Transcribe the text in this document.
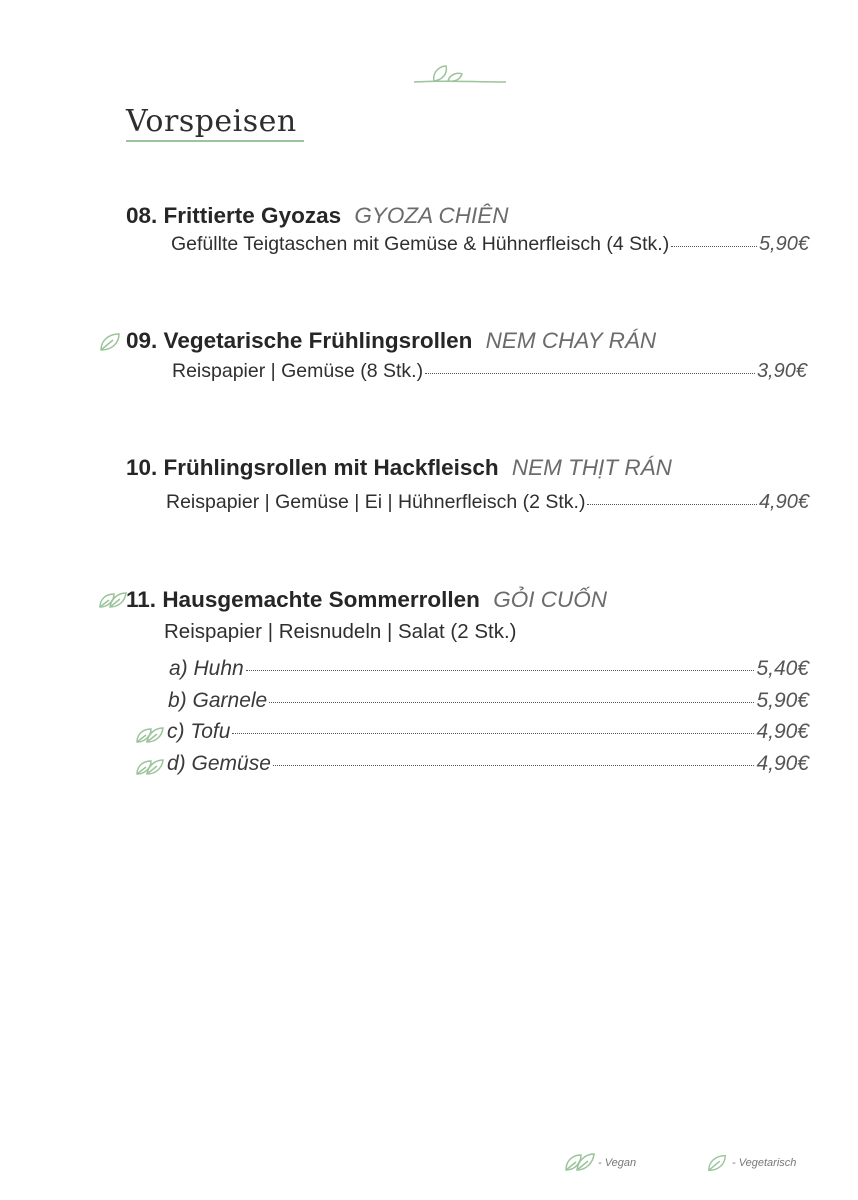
Vorspeisen
08. Frittierte Gyozas GYOZA CHIÊN
Gefüllte Teigtaschen mit Gemüse & Hühnerfleisch (4 Stk.)	5,90€
09. Vegetarische Frühlingsrollen NEM CHAY RÁN
Reispapier | Gemüse (8 Stk.)	3,90€
10. Frühlingsrollen mit Hackfleisch NEM THỊT RÁN
Reispapier | Gemüse | Ei | Hühnerfleisch (2 Stk.)	4,90€
11. Hausgemachte Sommerrollen GỎI CUỐN
Reispapier | Reisnudeln | Salat (2 Stk.)
a) Huhn	5,40€
b) Garnele	5,90€
c) Tofu	4,90€
d) Gemüse	4,90€
- Vegan	- Vegetarisch
